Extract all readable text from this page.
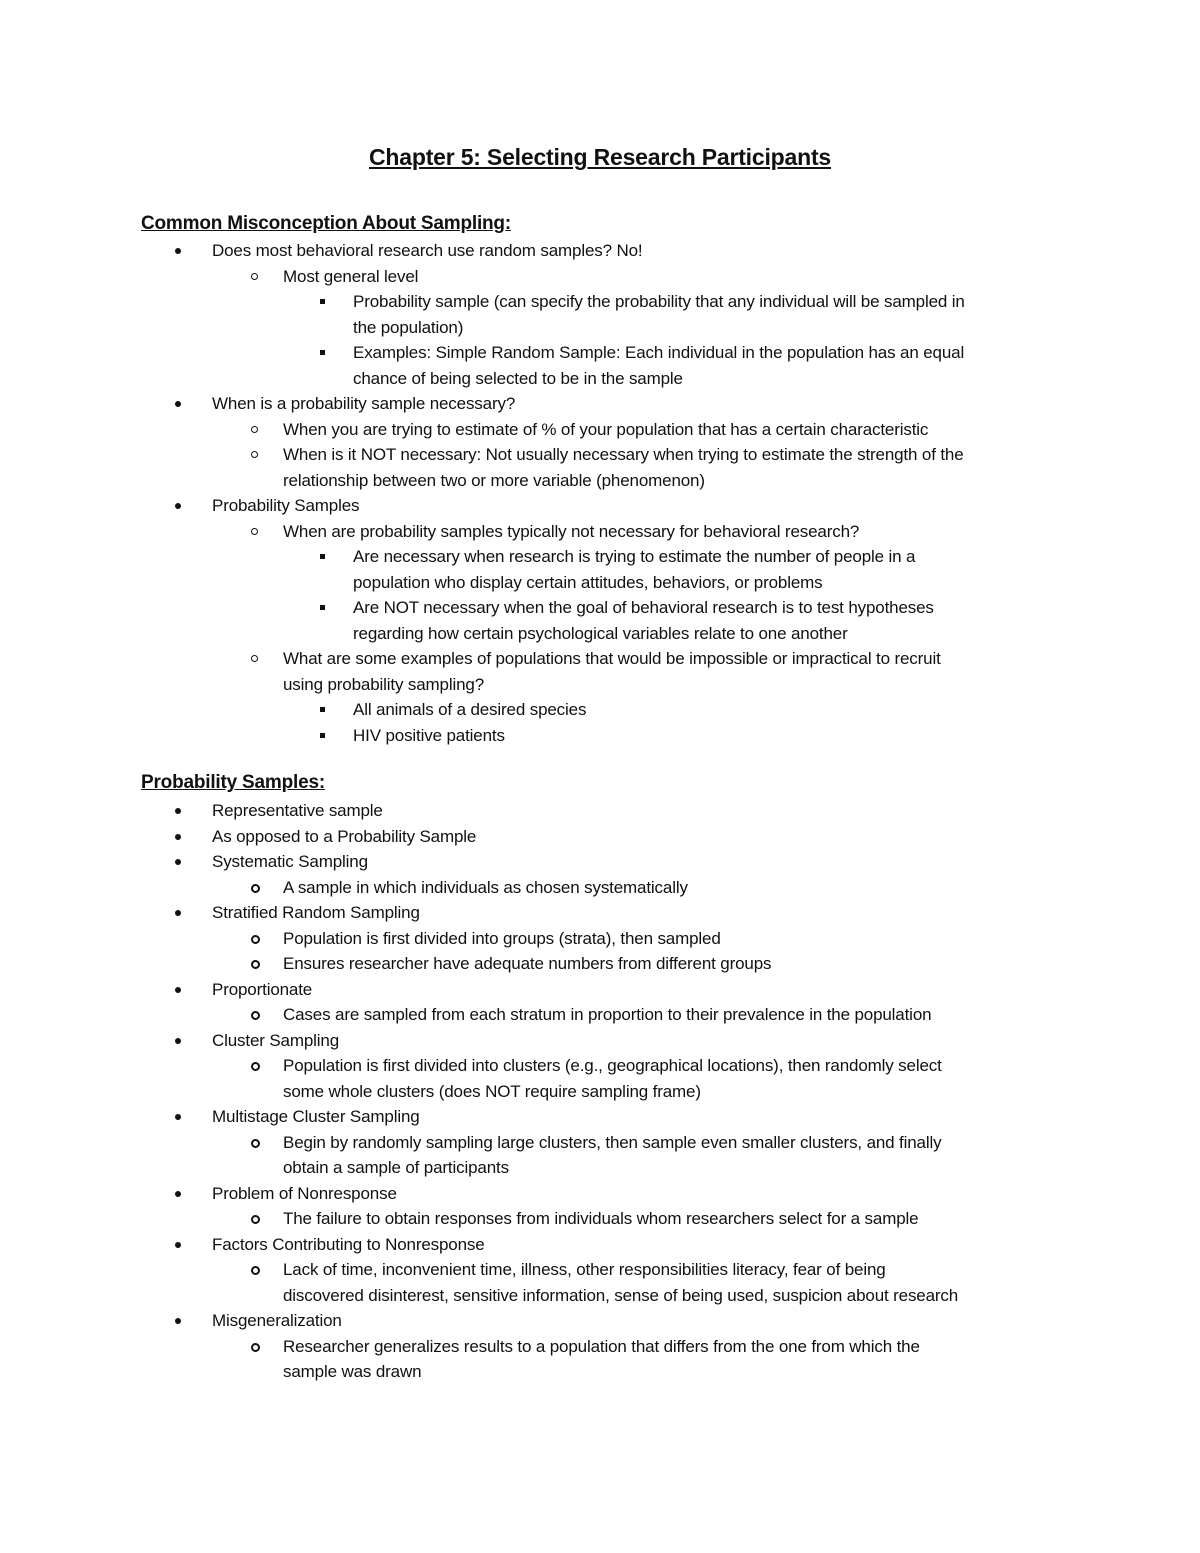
Chapter 5: Selecting Research Participants
Common Misconception About Sampling:
Does most behavioral research use random samples? No!
Most general level
Probability sample (can specify the probability that any individual will be sampled in
the population)
Examples: Simple Random Sample: Each individual in the population has an equal
chance of being selected to be in the sample
When is a probability sample necessary?
When you are trying to estimate of % of your population that has a certain characteristic
When is it NOT necessary: Not usually necessary when trying to estimate the strength of the
relationship between two or more variable (phenomenon)
Probability Samples
When are probability samples typically not necessary for behavioral research?
Are necessary when research is trying to estimate the number of people in a
population who display certain attitudes, behaviors, or problems
Are NOT necessary when the goal of behavioral research is to test hypotheses
regarding how certain psychological variables relate to one another
What are some examples of populations that would be impossible or impractical to recruit
using probability sampling?
All animals of a desired species
HIV positive patients
Probability Samples:
Representative sample
As opposed to a Probability Sample
Systematic Sampling
A sample in which individuals as chosen systematically
Stratified Random Sampling
Population is first divided into groups (strata), then sampled
Ensures researcher have adequate numbers from different groups
Proportionate
Cases are sampled from each stratum in proportion to their prevalence in the population
Cluster Sampling
Population is first divided into clusters (e.g., geographical locations), then randomly select
some whole clusters (does NOT require sampling frame)
Multistage Cluster Sampling
Begin by randomly sampling large clusters, then sample even smaller clusters, and finally
obtain a sample of participants
Problem of Nonresponse
The failure to obtain responses from individuals whom researchers select for a sample
Factors Contributing to Nonresponse
Lack of time, inconvenient time, illness, other responsibilities literacy, fear of being
discovered disinterest, sensitive information, sense of being used, suspicion about research
Misgeneralization
Researcher generalizes results to a population that differs from the one from which the
sample was drawn
